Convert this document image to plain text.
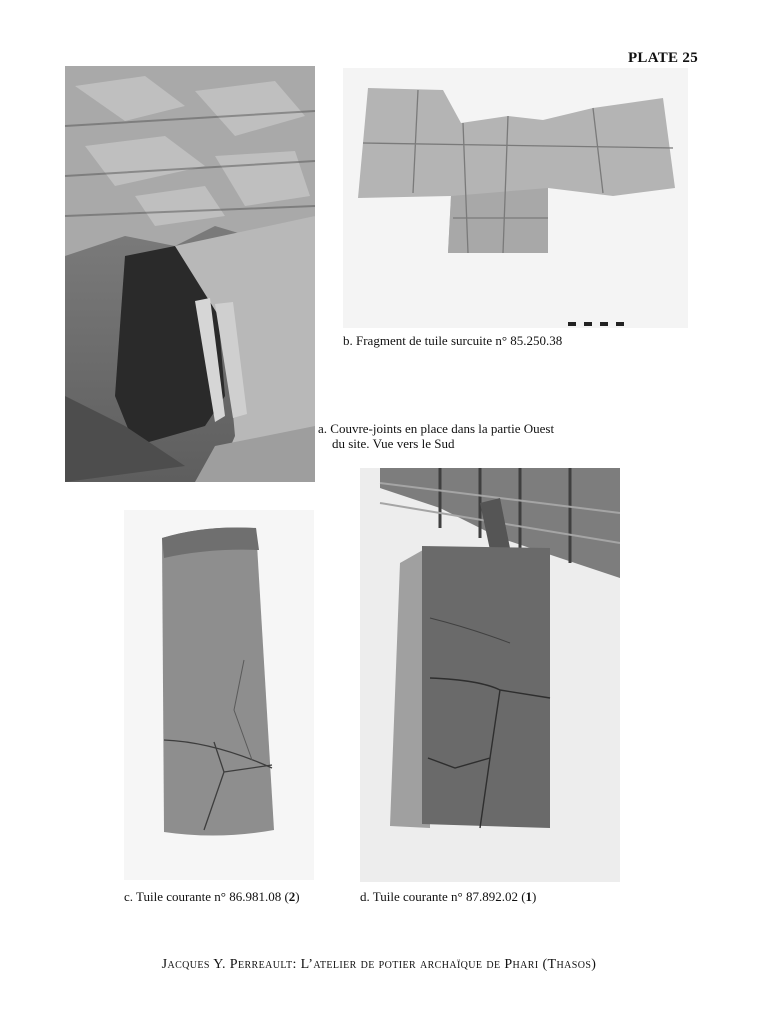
PLATE 25
b. Fragment de tuile surcuite n° 85.250.38
a. Couvre-joints en place dans la partie Ouest
du site. Vue vers le Sud
c. Tuile courante n° 86.981.08 (2)	d. Tuile courante n° 87.892.02 (1)
Jacques Y. Perreault: L’atelier de potier archaïque de Phari (Thasos)
